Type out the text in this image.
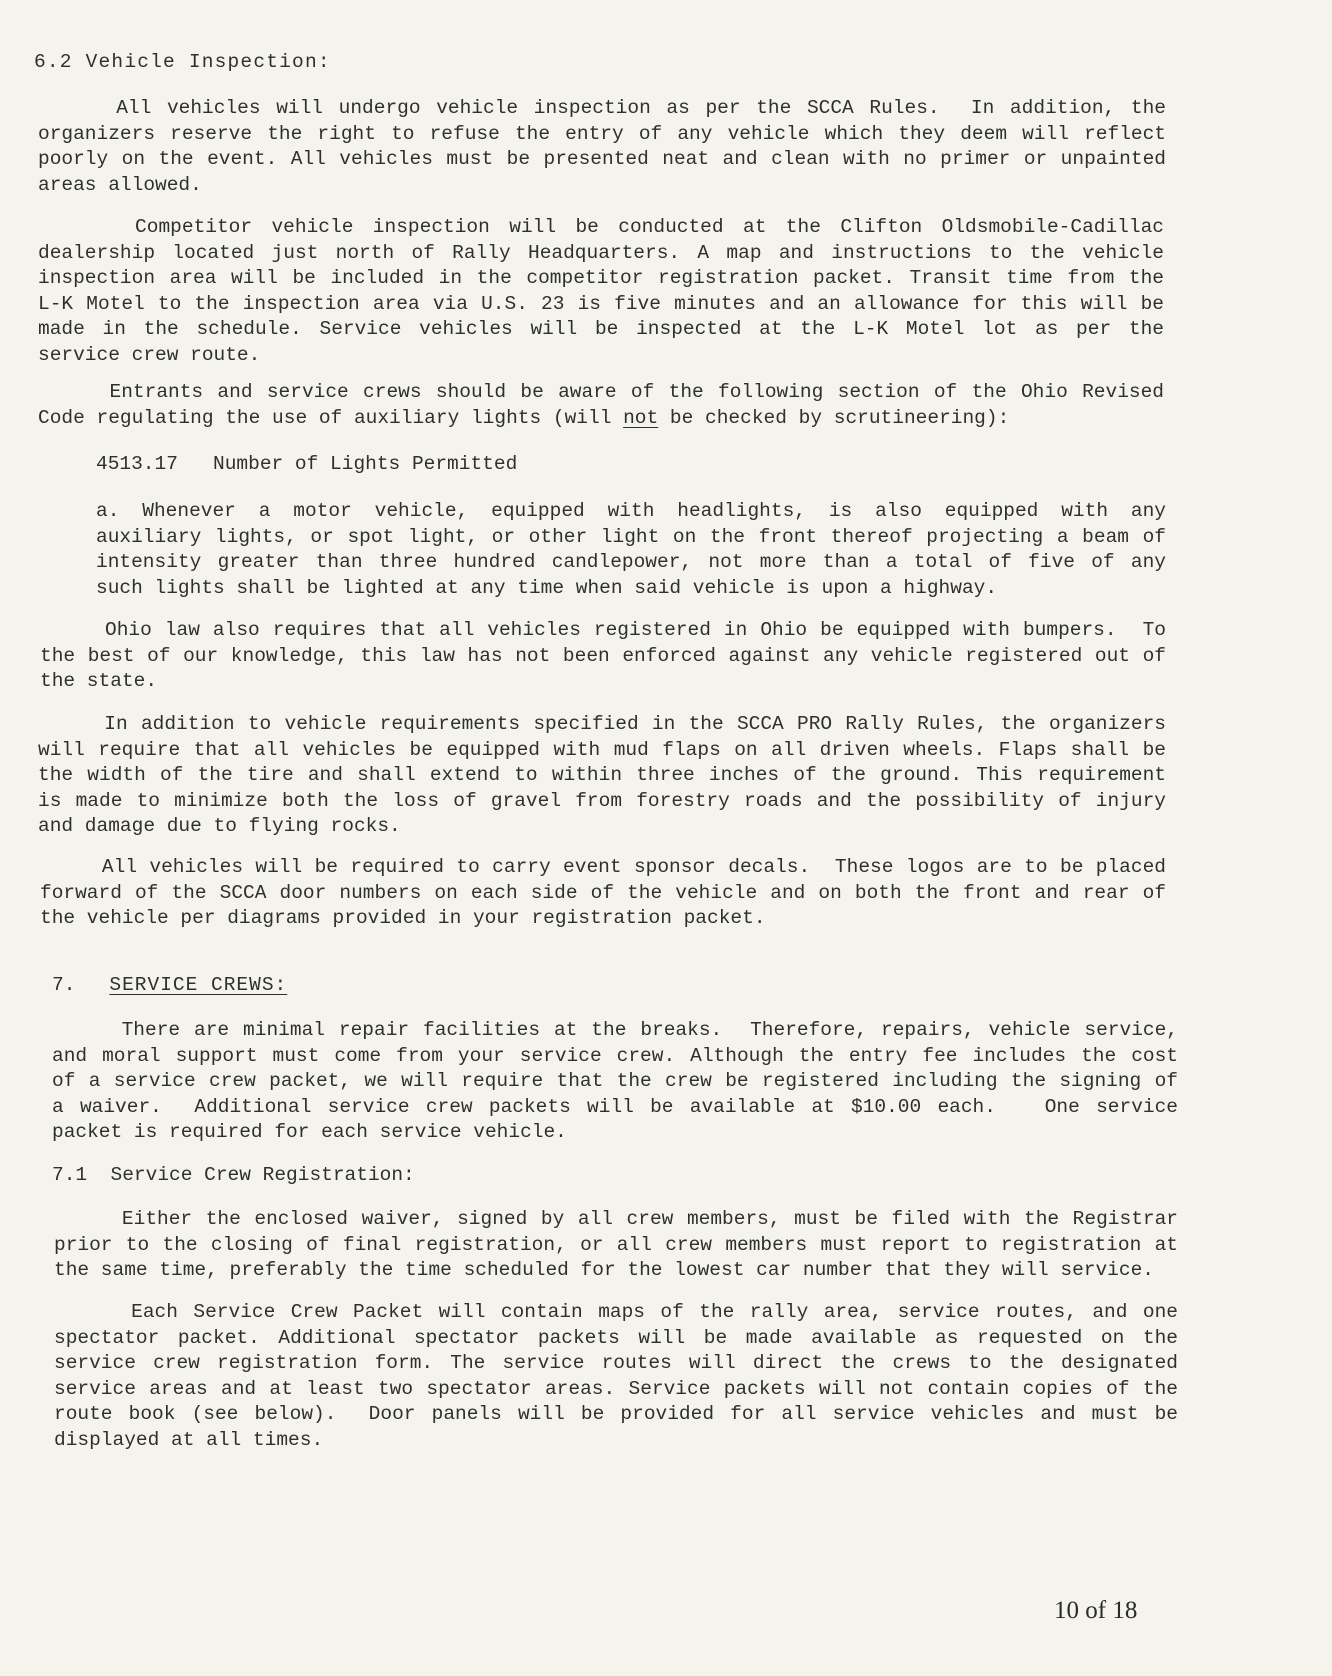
6.2 Vehicle Inspection:
All vehicles will undergo vehicle inspection as per the SCCA Rules.  In addition, the
organizers reserve the right to refuse the entry of any vehicle which they deem will reflect
poorly on the event. All vehicles must be presented neat and clean with no primer or unpainted
areas allowed.
Competitor vehicle inspection will be conducted at the Clifton Oldsmobile-Cadillac
dealership located just north of Rally Headquarters. A map and instructions to the vehicle
inspection area will be included in the competitor registration packet. Transit time from the
L-K Motel to the inspection area via U.S. 23 is five minutes and an allowance for this will be
made in the schedule. Service vehicles will be inspected at the L-K Motel lot as per the
service crew route.
Entrants and service crews should be aware of the following section of the Ohio Revised
Code regulating the use of auxiliary lights (will not be checked by scrutineering):
4513.17   Number of Lights Permitted
a. Whenever a motor vehicle, equipped with headlights, is also equipped with any
auxiliary lights, or spot light, or other light on the front thereof projecting a beam of
intensity greater than three hundred candlepower, not more than a total of five of any
such lights shall be lighted at any time when said vehicle is upon a highway.
Ohio law also requires that all vehicles registered in Ohio be equipped with bumpers.  To
the best of our knowledge, this law has not been enforced against any vehicle registered out of
the state.
In addition to vehicle requirements specified in the SCCA PRO Rally Rules, the organizers
will require that all vehicles be equipped with mud flaps on all driven wheels. Flaps shall be
the width of the tire and shall extend to within three inches of the ground. This requirement
is made to minimize both the loss of gravel from forestry roads and the possibility of injury
and damage due to flying rocks.
All vehicles will be required to carry event sponsor decals.  These logos are to be placed
forward of the SCCA door numbers on each side of the vehicle and on both the front and rear of
the vehicle per diagrams provided in your registration packet.
7. SERVICE CREWS:
There are minimal repair facilities at the breaks.  Therefore, repairs, vehicle service,
and moral support must come from your service crew. Although the entry fee includes the cost
of a service crew packet, we will require that the crew be registered including the signing of
a waiver.  Additional service crew packets will be available at $10.00 each.   One service
packet is required for each service vehicle.
7.1  Service Crew Registration:
Either the enclosed waiver, signed by all crew members, must be filed with the Registrar
prior to the closing of final registration, or all crew members must report to registration at
the same time, preferably the time scheduled for the lowest car number that they will service.
Each Service Crew Packet will contain maps of the rally area, service routes, and one
spectator packet. Additional spectator packets will be made available as requested on the
service crew registration form. The service routes will direct the crews to the designated
service areas and at least two spectator areas. Service packets will not contain copies of the
route book (see below).  Door panels will be provided for all service vehicles and must be
displayed at all times.
10 of 18
